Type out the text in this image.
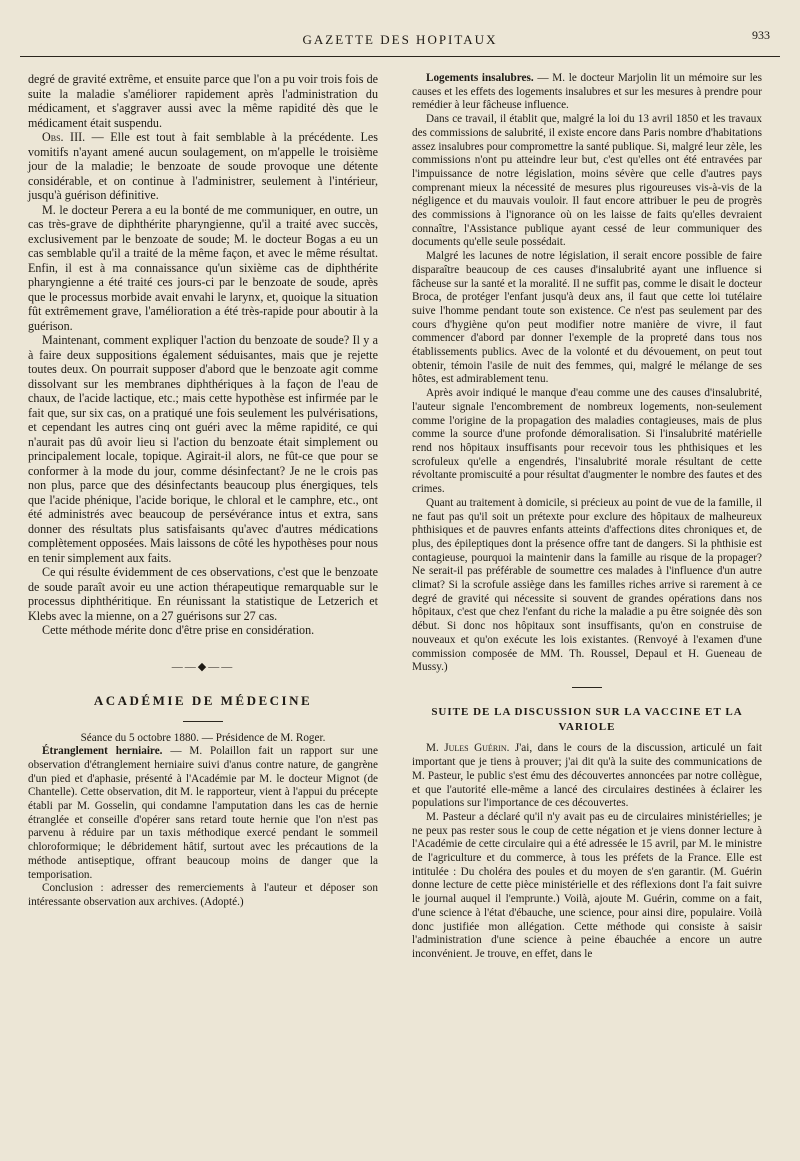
GAZETTE DES HOPITAUX	933

degré de gravité extrême, et ensuite parce que l'on a pu voir trois fois de suite la maladie s'améliorer rapidement après l'administration du médicament, et s'aggraver aussi avec la même rapidité dès que le médicament était suspendu.

Obs. III. — Elle est tout à fait semblable à la précédente. Les vomitifs n'ayant amené aucun soulagement, on m'appelle le troisième jour de la maladie; le benzoate de soude provoque une détente considérable, et on continue à l'administrer, seulement à l'intérieur, jusqu'à guérison définitive.

M. le docteur Perera a eu la bonté de me communiquer, en outre, un cas très-grave de diphthérite pharyngienne, qu'il a traité avec succès, exclusivement par le benzoate de soude; M. le docteur Bogas a eu un cas semblable qu'il a traité de la même façon, et avec le même résultat. Enfin, il est à ma connaissance qu'un sixième cas de diphthérite pharyngienne a été traité ces jours-ci par le benzoate de soude, après que le processus morbide avait envahi le larynx, et, quoique la situation fût extrêmement grave, l'amélioration a été très-rapide pour aboutir à la guérison.

Maintenant, comment expliquer l'action du benzoate de soude? Il y a à faire deux suppositions également séduisantes, mais que je rejette toutes deux. On pourrait supposer d'abord que le benzoate agit comme dissolvant sur les membranes diphthériques à la façon de l'eau de chaux, de l'acide lactique, etc.; mais cette hypothèse est infirmée par le fait que, sur six cas, on a pratiqué une fois seulement les pulvérisations, et cependant les autres cinq ont guéri avec la même rapidité, ce qui n'aurait pas dû avoir lieu si l'action du benzoate était simplement ou principalement locale, topique. Agirait-il alors, ne fût-ce que pour se conformer à la mode du jour, comme désinfectant? Je ne le crois pas non plus, parce que des désinfectants beaucoup plus énergiques, tels que l'acide phénique, l'acide borique, le chloral et le camphre, etc., ont été administrés avec beaucoup de persévérance intus et extra, sans donner des résultats plus satisfaisants qu'avec d'autres médications complètement opposées. Mais laissons de côté les hypothèses pour nous en tenir simplement aux faits.

Ce qui résulte évidemment de ces observations, c'est que le benzoate de soude paraît avoir eu une action thérapeutique remarquable sur le processus diphthéritique. En réunissant la statistique de Letzerich et Klebs avec la mienne, on a 27 guérisons sur 27 cas.

Cette méthode mérite donc d'être prise en considération.

——◆——
ACADÉMIE DE MÉDECINE

Séance du 5 octobre 1880. — Présidence de M. Roger.

Étranglement herniaire. — M. Polaillon fait un rapport sur une observation d'étranglement herniaire suivi d'anus contre nature, de gangrène d'un pied et d'aphasie, présenté à l'Académie par M. le docteur Mignot (de Chantelle). Cette observation, dit M. le rapporteur, vient à l'appui du précepte établi par M. Gosselin, qui condamne l'amputation dans les cas de hernie étranglée et conseille d'opérer sans retard toute hernie que l'on n'est pas parvenu à réduire par un taxis méthodique exercé pendant le sommeil chloroformique; le débridement hâtif, surtout avec les précautions de la méthode antiseptique, offrant beaucoup moins de danger que la temporisation.

Conclusion : adresser des remerciements à l'auteur et déposer son intéressante observation aux archives. (Adopté.)

Logements insalubres. — M. le docteur Marjolin lit un mémoire sur les causes et les effets des logements insalubres et sur les mesures à prendre pour remédier à leur fâcheuse influence.

Dans ce travail, il établit que, malgré la loi du 13 avril 1850 et les travaux des commissions de salubrité, il existe encore dans Paris nombre d'habitations assez insalubres pour compromettre la santé publique. Si, malgré leur zèle, les commissions n'ont pu atteindre leur but, c'est qu'elles ont été entravées par l'impuissance de notre législation, moins sévère que celle d'autres pays comprenant mieux la nécessité de mesures plus rigoureuses vis-à-vis de la négligence et du mauvais vouloir. Il faut encore attribuer le peu de progrès des commissions à l'ignorance où on les laisse de faits qu'elles devraient connaître, l'Assistance publique ayant cessé de leur communiquer des documents qu'elle seule possédait.

Malgré les lacunes de notre législation, il serait encore possible de faire disparaître beaucoup de ces causes d'insalubrité ayant une influence si fâcheuse sur la santé et la moralité. Il ne suffit pas, comme le disait le docteur Broca, de protéger l'enfant jusqu'à deux ans, il faut que cette loi tutélaire suive l'homme pendant toute son existence. Ce n'est pas seulement par des cours d'hygiène qu'on peut modifier notre manière de vivre, il faut commencer d'abord par donner l'exemple de la propreté dans tous nos établissements publics. Avec de la volonté et du dévouement, on peut tout obtenir, témoin l'asile de nuit des femmes, qui, malgré le mélange de ses hôtes, est admirablement tenu.

Après avoir indiqué le manque d'eau comme une des causes d'insalubrité, l'auteur signale l'encombrement de nombreux logements, non-seulement comme l'origine de la propagation des maladies contagieuses, mais de plus comme la source d'une profonde démoralisation. Si l'insalubrité matérielle rend nos hôpitaux insuffisants pour recevoir tous les phthisiques et les scrofuleux qu'elle a engendrés, l'insalubrité morale résultant de cette révoltante promiscuité a pour résultat d'augmenter le nombre des fautes et des crimes.

Quant au traitement à domicile, si précieux au point de vue de la famille, il ne faut pas qu'il soit un prétexte pour exclure des hôpitaux de malheureux phthisiques et de pauvres enfants atteints d'affections dites chroniques et, de plus, des épileptiques dont la présence offre tant de dangers. Si la phthisie est contagieuse, pourquoi la maintenir dans la famille au risque de la propager? Ne serait-il pas préférable de soumettre ces malades à l'influence d'un autre climat? Si la scrofule assiège dans les familles riches arrive si rarement à ce degré de gravité qui nécessite si souvent de grandes opérations dans nos hôpitaux, c'est que chez l'enfant du riche la maladie a pu être soignée dès son début. Si donc nos hôpitaux sont insuffisants, qu'on en construise de nouveaux et qu'on exécute les lois existantes. (Renvoyé à l'examen d'une commission composée de MM. Th. Roussel, Depaul et H. Gueneau de Mussy.)

SUITE DE LA DISCUSSION SUR LA VACCINE ET LA VARIOLE

M. Jules Guérin. J'ai, dans le cours de la discussion, articulé un fait important que je tiens à prouver; j'ai dit qu'à la suite des communications de M. Pasteur, le public s'est ému des découvertes annoncées par notre collègue, et que l'autorité elle-même a lancé des circulaires destinées à éclairer les populations sur l'importance de ces découvertes.

M. Pasteur a déclaré qu'il n'y avait pas eu de circulaires ministérielles; je ne peux pas rester sous le coup de cette négation et je viens donner lecture à l'Académie de cette circulaire qui a été adressée le 15 avril, par M. le ministre de l'agriculture et du commerce, à tous les préfets de la France. Elle est intitulée : Du choléra des poules et du moyen de s'en garantir. (M. Guérin donne lecture de cette pièce ministérielle et des réflexions dont l'a fait suivre le journal auquel il l'emprunte.) Voilà, ajoute M. Guérin, comme on a fait, d'une science à l'état d'ébauche, une science, pour ainsi dire, populaire. Voilà donc justifiée mon allégation. Cette méthode qui consiste à saisir l'administration d'une science à peine ébauchée a encore un autre inconvénient. Je trouve, en effet, dans le
